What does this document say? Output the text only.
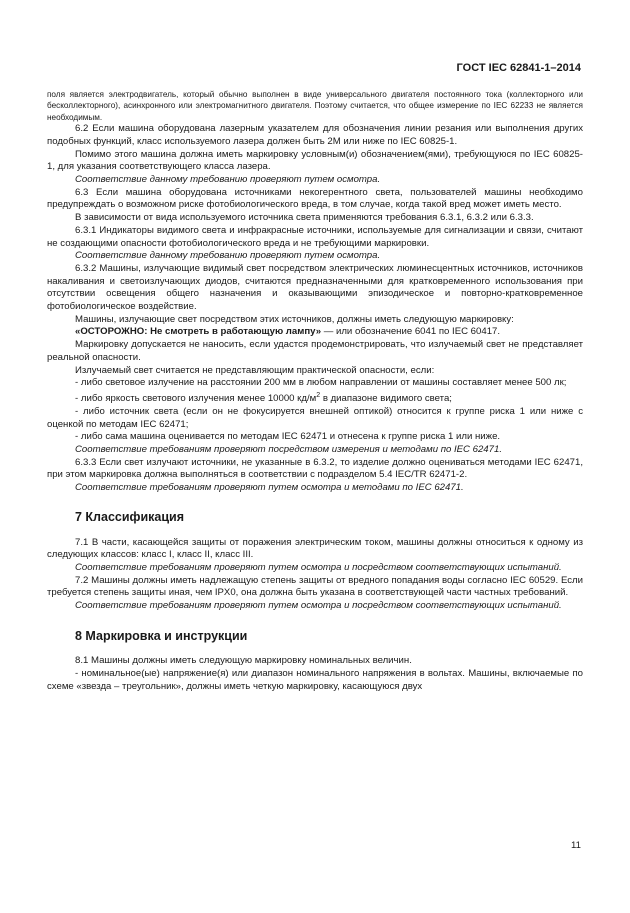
ГОСТ IEC 62841-1–2014

поля является электродвигатель, который обычно выполнен в виде универсального двигателя постоянного тока (коллекторного или бесколлекторного), асинхронного или электромагнитного двигателя. Поэтому считается, что общее измерение по IEC 62233 не является необходимым.

6.2 Если машина оборудована лазерным указателем для обозначения линии резания или выполнения других подобных функций, класс используемого лазера должен быть 2M или ниже по IEC 60825-1.

Помимо этого машина должна иметь маркировку условным(и) обозначением(ями), требующуюся по IEC 60825-1, для указания соответствующего класса лазера.

Соответствие данному требованию проверяют путем осмотра.

6.3 Если машина оборудована источниками некогерентного света, пользователей машины необходимо предупреждать о возможном риске фотобиологического вреда, в том случае, когда такой вред может иметь место.

В зависимости от вида используемого источника света применяются требования 6.3.1, 6.3.2 или 6.3.3.

6.3.1 Индикаторы видимого света и инфракрасные источники, используемые для сигнализации и связи, считают не создающими опасности фотобиологического вреда и не требующими маркировки.

Соответствие данному требованию проверяют путем осмотра.

6.3.2 Машины, излучающие видимый свет посредством электрических люминесцентных источников, источников накаливания и светоизлучающих диодов, считаются предназначенными для кратковременного использования при отсутствии освещения общего назначения и оказывающими эпизодическое и повторно-кратковременное фотобиологическое воздействие.

Машины, излучающие свет посредством этих источников, должны иметь следующую маркировку:

«ОСТОРОЖНО: Не смотреть в работающую лампу» — или обозначение 6041 по IEC 60417.

Маркировку допускается не наносить, если удастся продемонстрировать, что излучаемый свет не представляет реальной опасности.

Излучаемый свет считается не представляющим практической опасности, если:

- либо световое излучение на расстоянии 200 мм в любом направлении от машины составляет менее 500 лк;

- либо яркость светового излучения менее 10000 $кд/м^2$ в диапазоне видимого света;

- либо источник света (если он не фокусируется внешней оптикой) относится к группе риска 1 или ниже с оценкой по методам IEC 62471;

- либо сама машина оценивается по методам IEC 62471 и отнесена к группе риска 1 или ниже.

Соответствие требованиям проверяют посредством измерения и методами по IEC 62471.

6.3.3 Если свет излучают источники, не указанные в 6.3.2, то изделие должно оцениваться методами IEC 62471, при этом маркировка должна выполняться в соответствии с подразделом 5.4 IEC/TR 62471-2.

Соответствие требованиям проверяют путем осмотра и методами по IEC 62471.

7 Классификация

7.1 В части, касающейся защиты от поражения электрическим током, машины должны относиться к одному из следующих классов: класс I, класс II, класс III.

Соответствие требованиям проверяют путем осмотра и посредством соответствующих испытаний.

7.2 Машины должны иметь надлежащую степень защиты от вредного попадания воды согласно IEC 60529. Если требуется степень защиты иная, чем IPX0, она должна быть указана в соответствующей части частных требований.

Соответствие требованиям проверяют путем осмотра и посредством соответствующих испытаний.

8 Маркировка и инструкции

8.1 Машины должны иметь следующую маркировку номинальных величин.

- номинальное(ые) напряжение(я) или диапазон номинального напряжения в вольтах. Машины, включаемые по схеме «звезда – треугольник», должны иметь четкую маркировку, касающуюся двух

11
